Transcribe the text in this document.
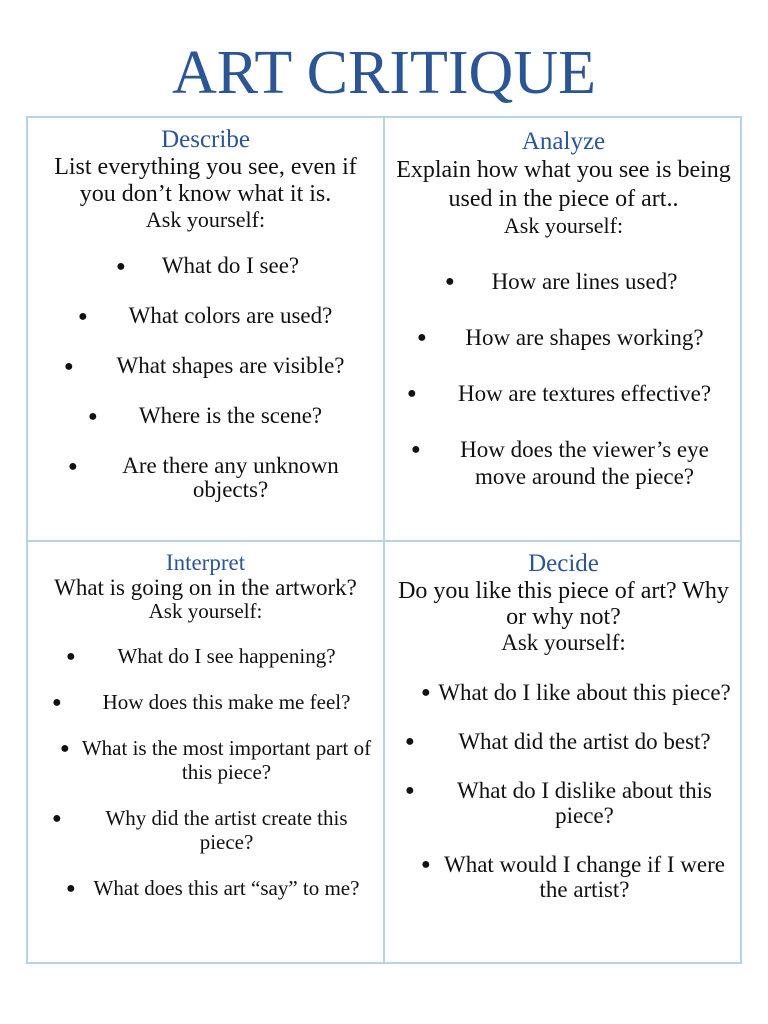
ART CRITIQUE
Describe
List everything you see, even if you don’t know what it is.
Ask yourself:
● What do I see?
● What colors are used?
● What shapes are visible?
● Where is the scene?
● Are there any unknown objects?
Analyze
Explain how what you see is being used in the piece of art..
Ask yourself:
● How are lines used?
● How are shapes working?
● How are textures effective?
● How does the viewer’s eye move around the piece?
Interpret
What is going on in the artwork?
Ask yourself:
● What do I see happening?
● How does this make me feel?
● What is the most important part of this piece?
● Why did the artist create this piece?
● What does this art “say” to me?
Decide
Do you like this piece of art? Why or why not?
Ask yourself:
● What do I like about this piece?
● What did the artist do best?
● What do I dislike about this piece?
● What would I change if I were the artist?
